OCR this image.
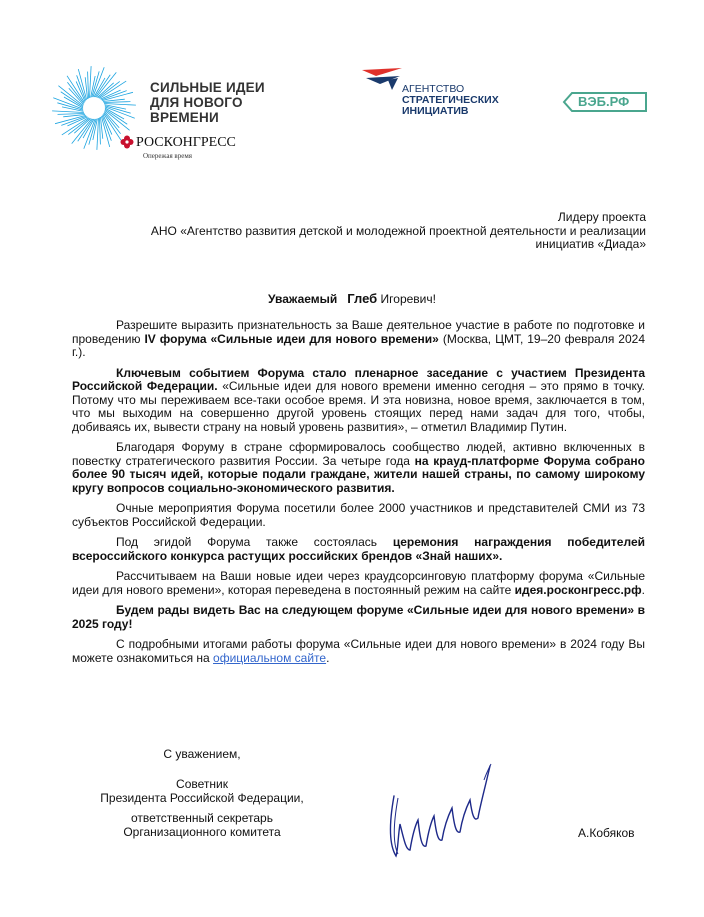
СИЛЬНЫЕ ИДЕИ
ДЛЯ НОВОГО
ВРЕМЕНИ
РОСКОНГРЕСС
Опережая время
АГЕНТСТВО
СТРАТЕГИЧЕСКИХ
ИНИЦИАТИВ
ВЭБ.РФ
Лидеру проекта
АНО «Агентство развития детской и молодежной проектной деятельности и реализации
инициатив «Диада»
Уважаемый Глеб Игоревич!

Разрешите выразить признательность за Ваше деятельное участие в работе по подготовке и проведению IV форума «Сильные идеи для нового времени» (Москва, ЦМТ, 19–20 февраля 2024 г.).

Ключевым событием Форума стало пленарное заседание с участием Президента Российской Федерации. «Сильные идеи для нового времени именно сегодня – это прямо в точку. Потому что мы переживаем все-таки особое время. И эта новизна, новое время, заключается в том, что мы выходим на совершенно другой уровень стоящих перед нами задач для того, чтобы, добиваясь их, вывести страну на новый уровень развития», – отметил Владимир Путин.

Благодаря Форуму в стране сформировалось сообщество людей, активно включенных в повестку стратегического развития России. За четыре года на крауд-платформе Форума собрано более 90 тысяч идей, которые подали граждане, жители нашей страны, по самому широкому кругу вопросов социально-экономического развития.

Очные мероприятия Форума посетили более 2000 участников и представителей СМИ из 73 субъектов Российской Федерации.

Под эгидой Форума также состоялась церемония награждения победителей всероссийского конкурса растущих российских брендов «Знай наших».

Рассчитываем на Ваши новые идеи через краудсорсинговую платформу форума «Сильные идеи для нового времени», которая переведена в постоянный режим на сайте идея.росконгресс.рф.

Будем рады видеть Вас на следующем форуме «Сильные идеи для нового времени» в 2025 году!

С подробными итогами работы форума «Сильные идеи для нового времени» в 2024 году Вы можете ознакомиться на официальном сайте.

С уважением,
Советник
Президента Российской Федерации,
ответственный секретарь
Организационного комитета	А.Кобяков
